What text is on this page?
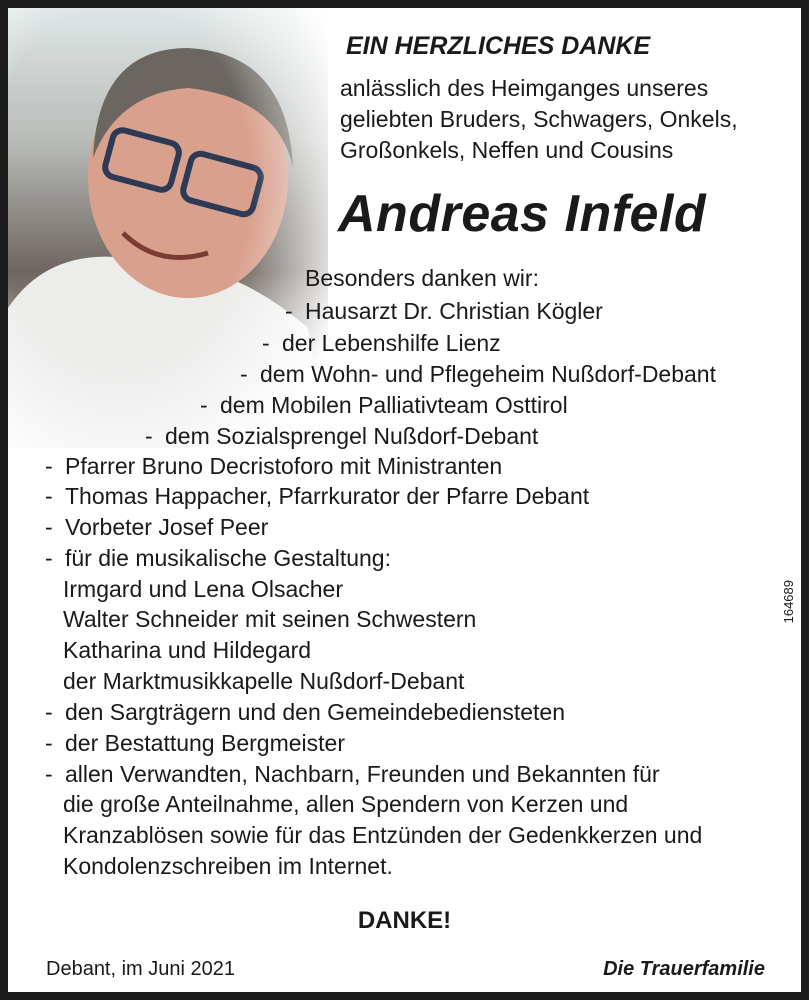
EIN HERZLICHES DANKE
anlässlich des Heimganges unseres
geliebten Bruders, Schwagers, Onkels,
Großonkels, Neffen und Cousins
Andreas Infeld
Besonders danken wir:
- Hausarzt Dr. Christian Kögler
- der Lebenshilfe Lienz
- dem Wohn- und Pflegeheim Nußdorf-Debant
- dem Mobilen Palliativteam Osttirol
- dem Sozialsprengel Nußdorf-Debant
- Pfarrer Bruno Decristoforo mit Ministranten
- Thomas Happacher, Pfarrkurator der Pfarre Debant
- Vorbeter Josef Peer
- für die musikalische Gestaltung:
Irmgard und Lena Olsacher
Walter Schneider mit seinen Schwestern
Katharina und Hildegard
der Marktmusikkapelle Nußdorf-Debant
- den Sargträgern und den Gemeindebediensteten
- der Bestattung Bergmeister
- allen Verwandten, Nachbarn, Freunden und Bekannten für
die große Anteilnahme, allen Spendern von Kerzen und
Kranzablösen sowie für das Entzünden der Gedenkkerzen und
Kondolenzschreiben im Internet.
DANKE!
Debant, im Juni 2021	Die Trauerfamilie
164689
